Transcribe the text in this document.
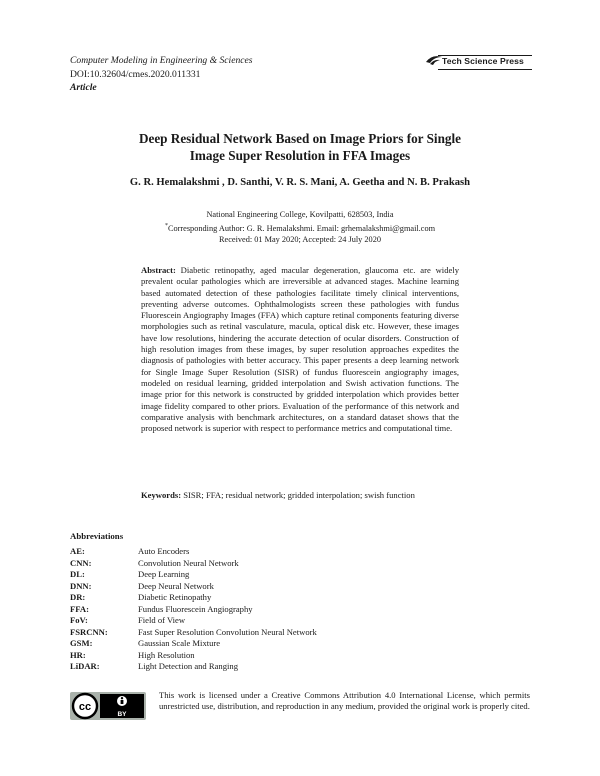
Computer Modeling in Engineering & Sciences
DOI:10.32604/cmes.2020.011331
Article
Tech Science Press
Deep Residual Network Based on Image Priors for Single
Image Super Resolution in FFA Images
G. R. Hemalakshmi , D. Santhi, V. R. S. Mani, A. Geetha and N. B. Prakash
National Engineering College, Kovilpatti, 628503, India
*Corresponding Author: G. R. Hemalakshmi. Email: grhemalakshmi@gmail.com
Received: 01 May 2020; Accepted: 24 July 2020
Abstract: Diabetic retinopathy, aged macular degeneration, glaucoma etc. are widely prevalent ocular pathologies which are irreversible at advanced stages. Machine learning based automated detection of these pathologies facilitate timely clinical interventions, preventing adverse outcomes. Ophthalmologists screen these pathologies with fundus Fluorescein Angiography Images (FFA) which capture retinal components featuring diverse morphologies such as retinal vasculature, macula, optical disk etc. However, these images have low resolutions, hindering the accurate detection of ocular disorders. Construction of high resolution images from these images, by super resolution approaches expedites the diagnosis of pathologies with better accuracy. This paper presents a deep learning network for Single Image Super Resolution (SISR) of fundus fluorescein angiography images, modeled on residual learning, gridded interpolation and Swish activation functions. The image prior for this network is constructed by gridded interpolation which provides better image fidelity compared to other priors. Evaluation of the performance of this network and comparative analysis with benchmark architectures, on a standard dataset shows that the proposed network is superior with respect to performance metrics and computational time.
Keywords: SISR; FFA; residual network; gridded interpolation; swish function
Abbreviations
AE:	Auto Encoders
CNN:	Convolution Neural Network
DL:	Deep Learning
DNN:	Deep Neural Network
DR:	Diabetic Retinopathy
FFA:	Fundus Fluorescein Angiography
FoV:	Field of View
FSRCNN:	Fast Super Resolution Convolution Neural Network
GSM:	Gaussian Scale Mixture
HR:	High Resolution
LiDAR:	Light Detection and Ranging
cc
BY
This work is licensed under a Creative Commons Attribution 4.0 International License, which permits unrestricted use, distribution, and reproduction in any medium, provided the original work is properly cited.
